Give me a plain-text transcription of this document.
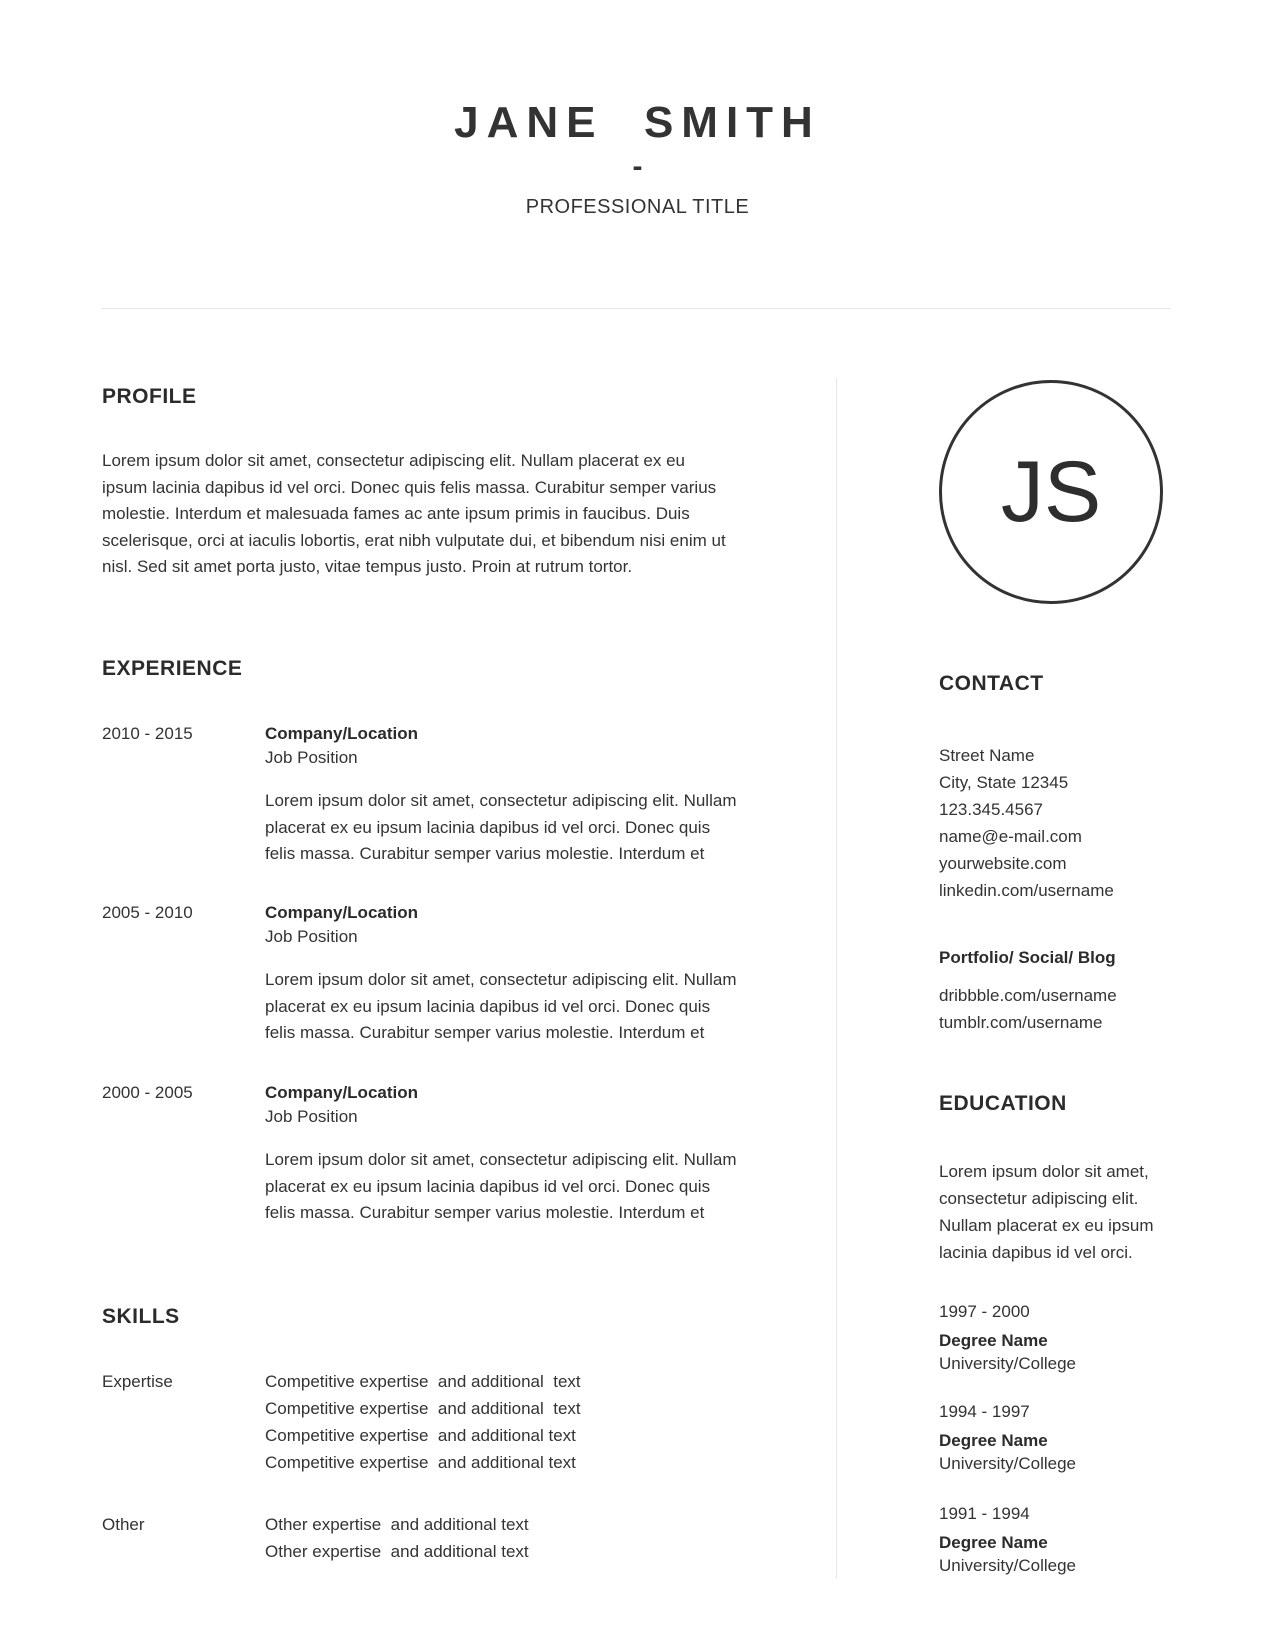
JANE  SMITH
-
PROFESSIONAL TITLE
PROFILE
Lorem ipsum dolor sit amet, consectetur adipiscing elit. Nullam placerat ex eu
ipsum lacinia dapibus id vel orci. Donec quis felis massa. Curabitur semper varius
molestie. Interdum et malesuada fames ac ante ipsum primis in faucibus. Duis
scelerisque, orci at iaculis lobortis, erat nibh vulputate dui, et bibendum nisi enim ut
nisl. Sed sit amet porta justo, vitae tempus justo. Proin at rutrum tortor.
EXPERIENCE
2010 - 2015	Company/Location
Job Position
Lorem ipsum dolor sit amet, consectetur adipiscing elit. Nullam
placerat ex eu ipsum lacinia dapibus id vel orci. Donec quis
felis massa. Curabitur semper varius molestie. Interdum et
2005 - 2010	Company/Location
Job Position
Lorem ipsum dolor sit amet, consectetur adipiscing elit. Nullam
placerat ex eu ipsum lacinia dapibus id vel orci. Donec quis
felis massa. Curabitur semper varius molestie. Interdum et
2000 - 2005	Company/Location
Job Position
Lorem ipsum dolor sit amet, consectetur adipiscing elit. Nullam
placerat ex eu ipsum lacinia dapibus id vel orci. Donec quis
felis massa. Curabitur semper varius molestie. Interdum et
SKILLS
Expertise	Competitive expertise  and additional  text
Competitive expertise  and additional  text
Competitive expertise  and additional text
Competitive expertise  and additional text
Other	Other expertise  and additional text
Other expertise  and additional text
JS
CONTACT
Street Name
City, State 12345
123.345.4567
name@e-mail.com
yourwebsite.com
linkedin.com/username
Portfolio/ Social/ Blog
dribbble.com/username
tumblr.com/username
EDUCATION
Lorem ipsum dolor sit amet,
consectetur adipiscing elit.
Nullam placerat ex eu ipsum
lacinia dapibus id vel orci.
1997 - 2000
Degree Name
University/College
1994 - 1997
Degree Name
University/College
1991 - 1994
Degree Name
University/College
